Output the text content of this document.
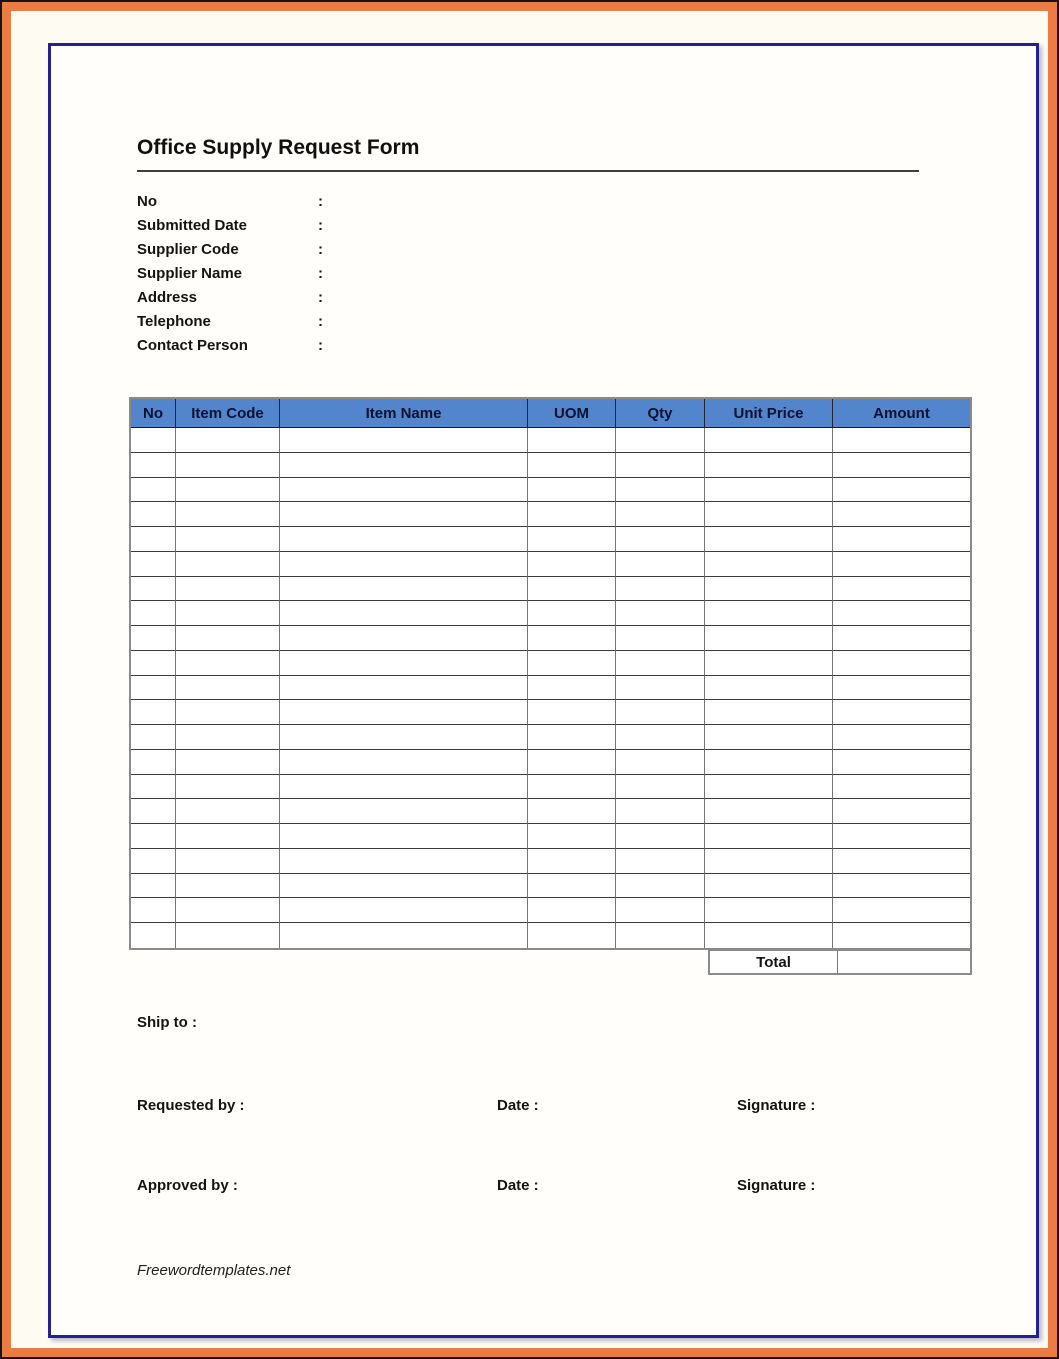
Office Supply Request Form
No	:
Submitted Date	:
Supplier Code	:
Supplier Name	:
Address	:
Telephone	:
Contact Person	:
No	Item Code	Item Name	UOM	Qty	Unit Price	Amount
Total
Ship to :
Requested by :	Date :	Signature :
Approved by :	Date :	Signature :
Freewordtemplates.net
